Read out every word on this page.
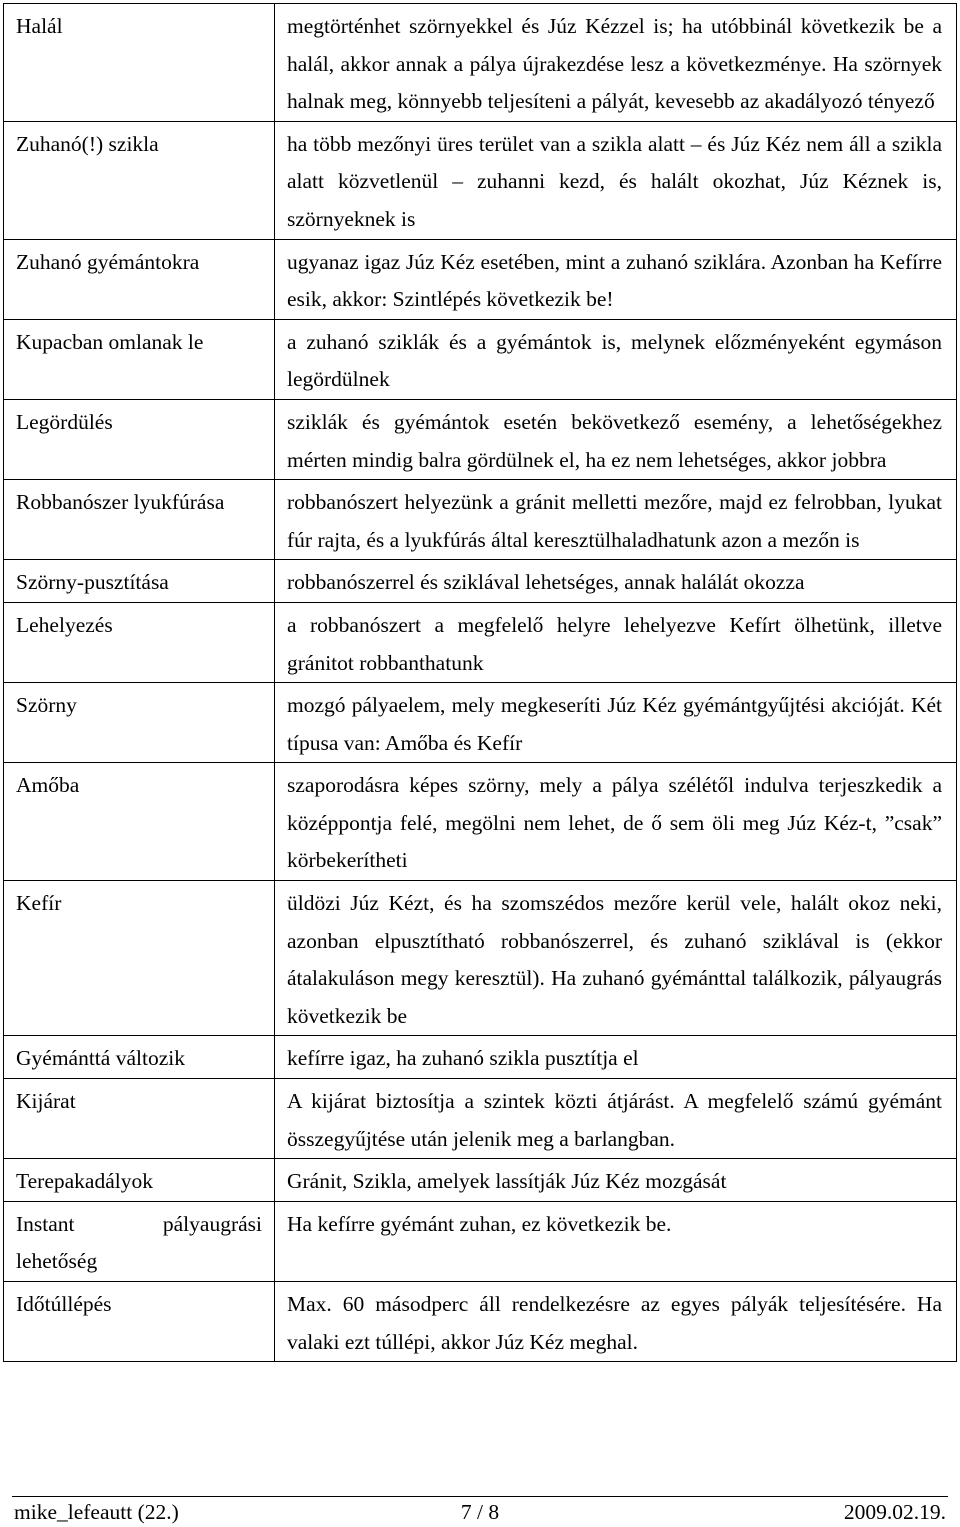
Halál	megtörténhet szörnyekkel és Júz Kézzel is; ha utóbbinál következik be a halál, akkor annak a pálya újrakezdése lesz a következménye. Ha szörnyek halnak meg, könnyebb teljesíteni a pályát, kevesebb az akadályozó tényező
Zuhanó(!) szikla	ha több mezőnyi üres terület van a szikla alatt – és Júz Kéz nem áll a szikla alatt közvetlenül – zuhanni kezd, és halált okozhat, Júz Kéznek is, szörnyeknek is
Zuhanó gyémántokra	ugyanaz igaz Júz Kéz esetében, mint a zuhanó sziklára. Azonban ha Kefírre esik, akkor: Szintlépés következik be!
Kupacban omlanak le	a zuhanó sziklák és a gyémántok is, melynek előzményeként egymáson legördülnek
Legördülés	sziklák és gyémántok esetén bekövetkező esemény, a lehetőségekhez mérten mindig balra gördülnek el, ha ez nem lehetséges, akkor jobbra
Robbanószer lyukfúrása	robbanószert helyezünk a gránit melletti mezőre, majd ez felrobban, lyukat fúr rajta, és a lyukfúrás által keresztülhaladhatunk azon a mezőn is
Szörny-pusztítása	robbanószerrel és sziklával lehetséges, annak halálát okozza
Lehelyezés	a robbanószert a megfelelő helyre lehelyezve Kefírt ölhetünk, illetve gránitot robbanthatunk
Szörny	mozgó pályaelem, mely megkeseríti Júz Kéz gyémántgyűjtési akcióját. Két típusa van: Amőba és Kefír
Amőba	szaporodásra képes szörny, mely a pálya szélétől indulva terjeszkedik a középpontja felé, megölni nem lehet, de ő sem öli meg Júz Kéz-t, ”csak” körbekerítheti
Kefír	üldözi Júz Kézt, és ha szomszédos mezőre kerül vele, halált okoz neki, azonban elpusztítható robbanószerrel, és zuhanó sziklával is (ekkor átalakuláson megy keresztül). Ha zuhanó gyémánttal találkozik, pályaugrás következik be
Gyémánttá változik	kefírre igaz, ha zuhanó szikla pusztítja el
Kijárat	A kijárat biztosítja a szintek közti átjárást. A megfelelő számú gyémánt összegyűjtése után jelenik meg a barlangban.
Terepakadályok	Gránit, Szikla, amelyek lassítják Júz Kéz mozgását
Instant pályaugrási lehetőség	Ha kefírre gyémánt zuhan, ez következik be.
Időtúllépés	Max. 60 másodperc áll rendelkezésre az egyes pályák teljesítésére. Ha valaki ezt túllépi, akkor Júz Kéz meghal.
7 / 8
mike_lefeautt (22.)	2009.02.19.
